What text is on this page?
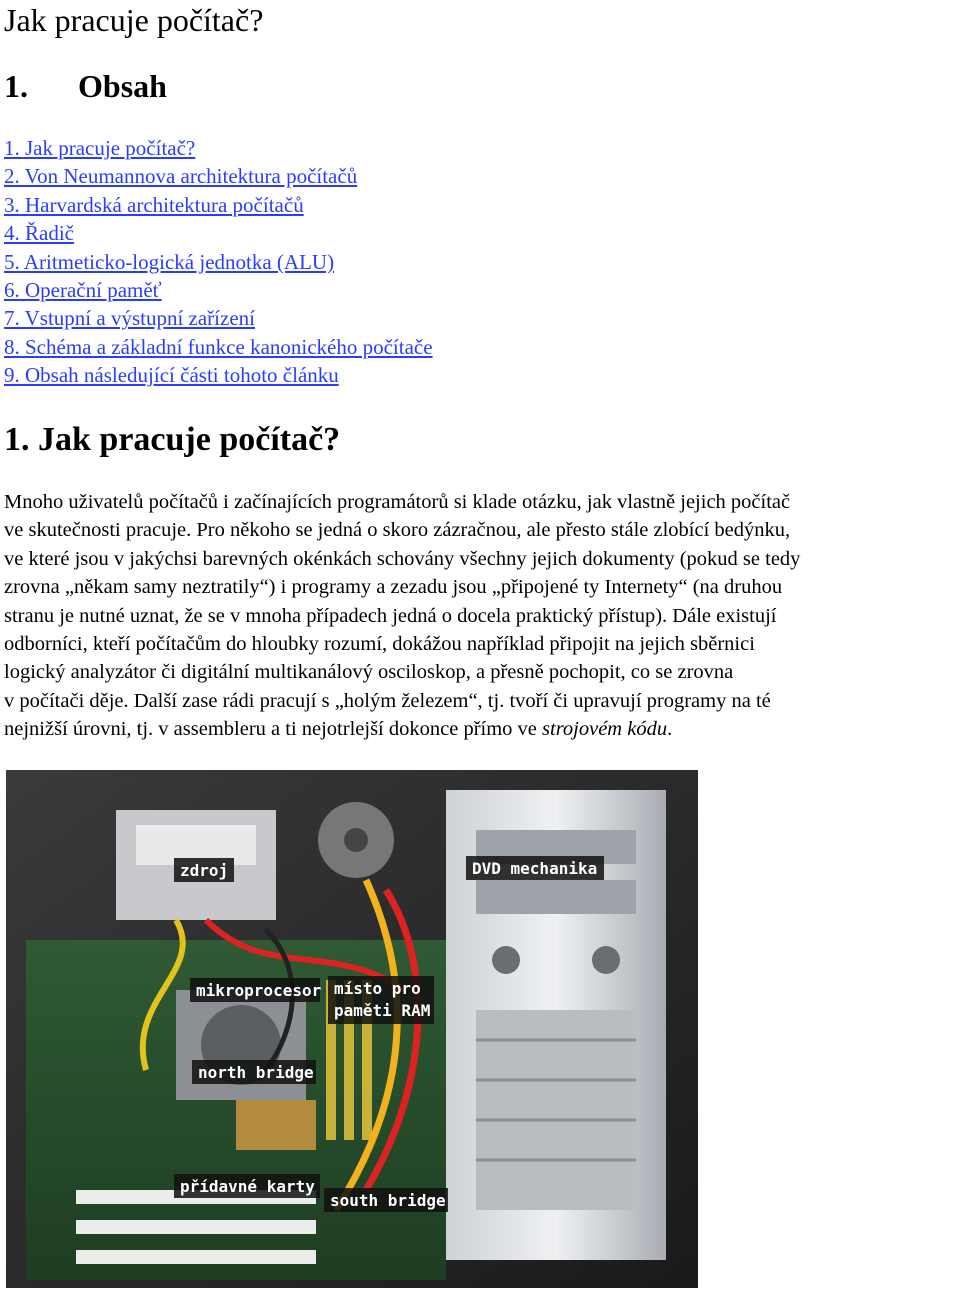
Jak pracuje počítač?
1. Obsah
1. Jak pracuje počítač?
2. Von Neumannova architektura počítačů
3. Harvardská architektura počítačů
4. Řadič
5. Aritmeticko-logická jednotka (ALU)
6. Operační paměť
7. Vstupní a výstupní zařízení
8. Schéma a základní funkce kanonického počítače
9. Obsah následující části tohoto článku
1. Jak pracuje počítač?

Mnoho uživatelů počítačů i začínajících programátorů si klade otázku, jak vlastně jejich počítač
ve skutečnosti pracuje. Pro někoho se jedná o skoro zázračnou, ale přesto stále zlobící bedýnku,
ve které jsou v jakýchsi barevných okénkách schovány všechny jejich dokumenty (pokud se tedy
zrovna „někam samy neztratily“) i programy a zezadu jsou „připojené ty Internety“ (na druhou
stranu je nutné uznat, že se v mnoha případech jedná o docela praktický přístup). Dále existují
odborníci, kteří počítačům do hloubky rozumí, dokážou například připojit na jejich sběrnici
logický analyzátor či digitální multikanálový osciloskop, a přesně pochopit, co se zrovna
v počítači děje. Další zase rádi pracují s „holým železem“, tj. tvoří či upravují programy na té
nejnižší úrovni, tj. v assembleru a ti nejotrlejší dokonce přímo ve strojovém kódu.

zdroj	DVD mechanika
mikroprocesor místo pro
paměti RAM
north bridge
přídavné karty
south bridge
